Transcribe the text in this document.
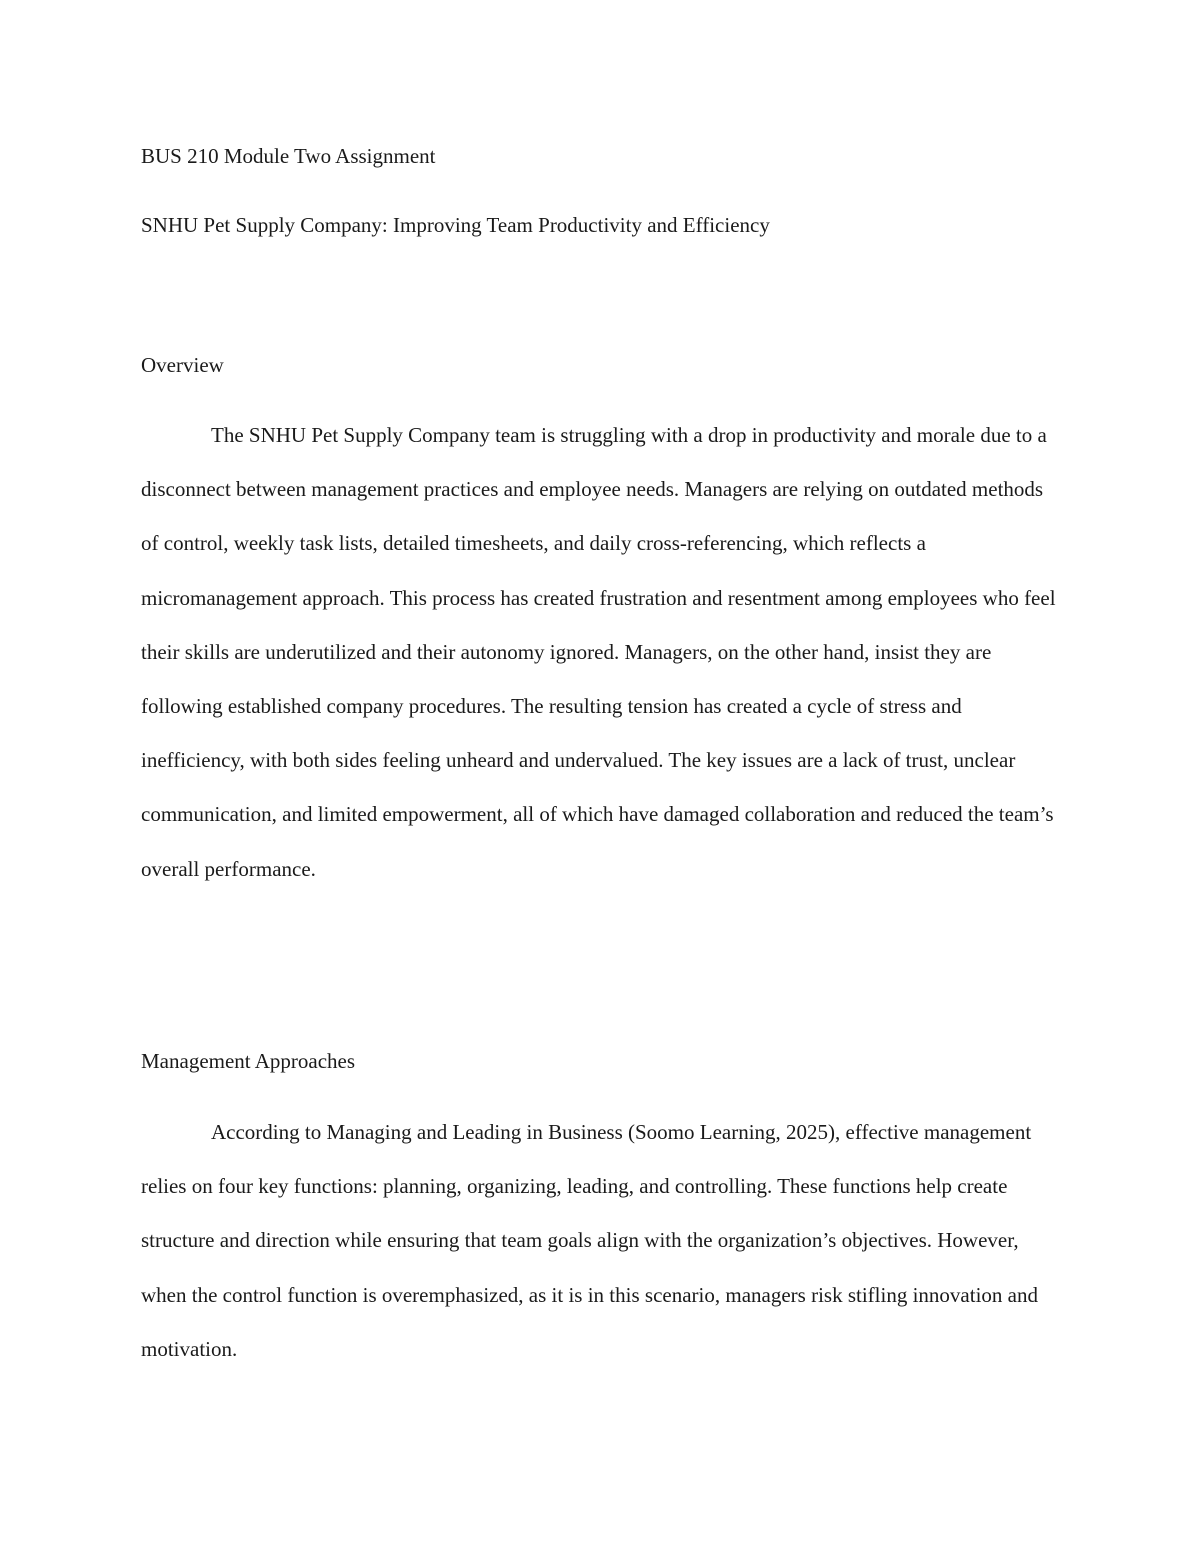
BUS 210 Module Two Assignment

SNHU Pet Supply Company: Improving Team Productivity and Efficiency

Overview

The SNHU Pet Supply Company team is struggling with a drop in productivity and morale due to a disconnect between management practices and employee needs. Managers are relying on outdated methods of control, weekly task lists, detailed timesheets, and daily cross-referencing, which reflects a micromanagement approach. This process has created frustration and resentment among employees who feel their skills are underutilized and their autonomy ignored. Managers, on the other hand, insist they are following established company procedures. The resulting tension has created a cycle of stress and inefficiency, with both sides feeling unheard and undervalued. The key issues are a lack of trust, unclear communication, and limited empowerment, all of which have damaged collaboration and reduced the team’s overall performance.

Management Approaches

According to Managing and Leading in Business (Soomo Learning, 2025), effective management relies on four key functions: planning, organizing, leading, and controlling. These functions help create structure and direction while ensuring that team goals align with the organization’s objectives. However, when the control function is overemphasized, as it is in this scenario, managers risk stifling innovation and motivation.
